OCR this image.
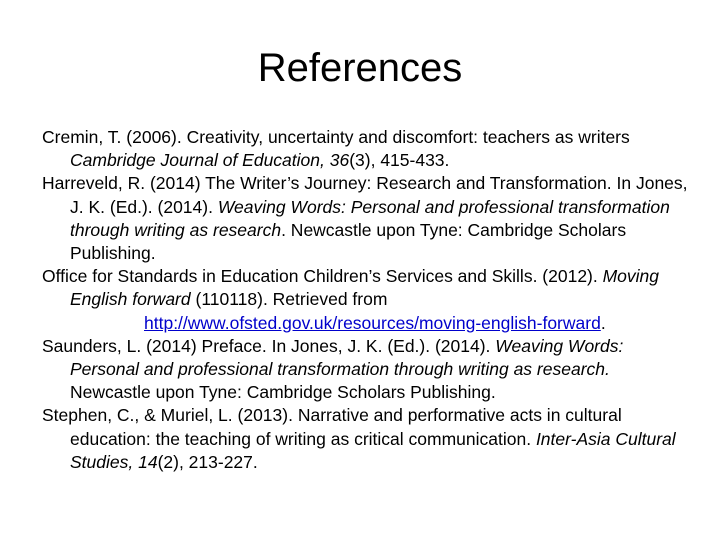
References
Cremin, T. (2006). Creativity, uncertainty and discomfort: teachers as writers Cambridge Journal of Education, 36(3), 415-433.
Harreveld, R. (2014) The Writer’s Journey: Research and Transformation. In Jones, J. K. (Ed.). (2014). Weaving Words: Personal and professional transformation through writing as research. Newcastle upon Tyne: Cambridge Scholars Publishing.
Office for Standards in Education Children’s Services and Skills. (2012). Moving English forward (110118). Retrieved from
http://www.ofsted.gov.uk/resources/moving-english-forward.
Saunders, L. (2014) Preface. In Jones, J. K. (Ed.). (2014). Weaving Words: Personal and professional transformation through writing as research. Newcastle upon Tyne: Cambridge Scholars Publishing.
Stephen, C., & Muriel, L. (2013). Narrative and performative acts in cultural education: the teaching of writing as critical communication. Inter-Asia Cultural Studies, 14(2), 213-227.
